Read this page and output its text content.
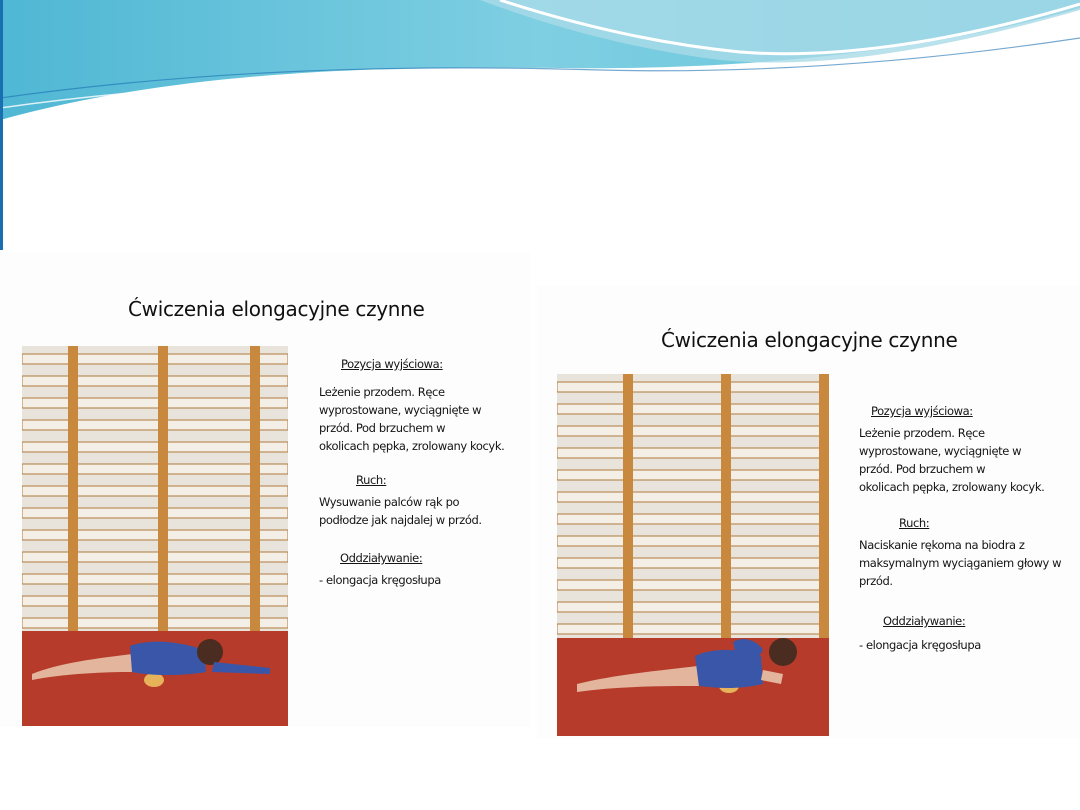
Ćwiczenia elongacyjne czynne

Pozycja wyjściowa:

Leżenie przodem. Ręce
wyprostowane, wyciągnięte w
przód. Pod brzuchem w
okolicach pępka, zrolowany kocyk.

Ruch:

Wysuwanie palców rąk po
podłodze jak najdalej w przód.

Oddziaływanie:

- elongacja kręgosłupa

Ćwiczenia elongacyjne czynne

Pozycja wyjściowa:

Leżenie przodem. Ręce
wyprostowane, wyciągnięte w
przód. Pod brzuchem w
okolicach pępka, zrolowany kocyk.

Ruch:

Naciskanie rękoma na biodra z
maksymalnym wyciąganiem głowy w
przód.

Oddziaływanie:

- elongacja kręgosłupa
